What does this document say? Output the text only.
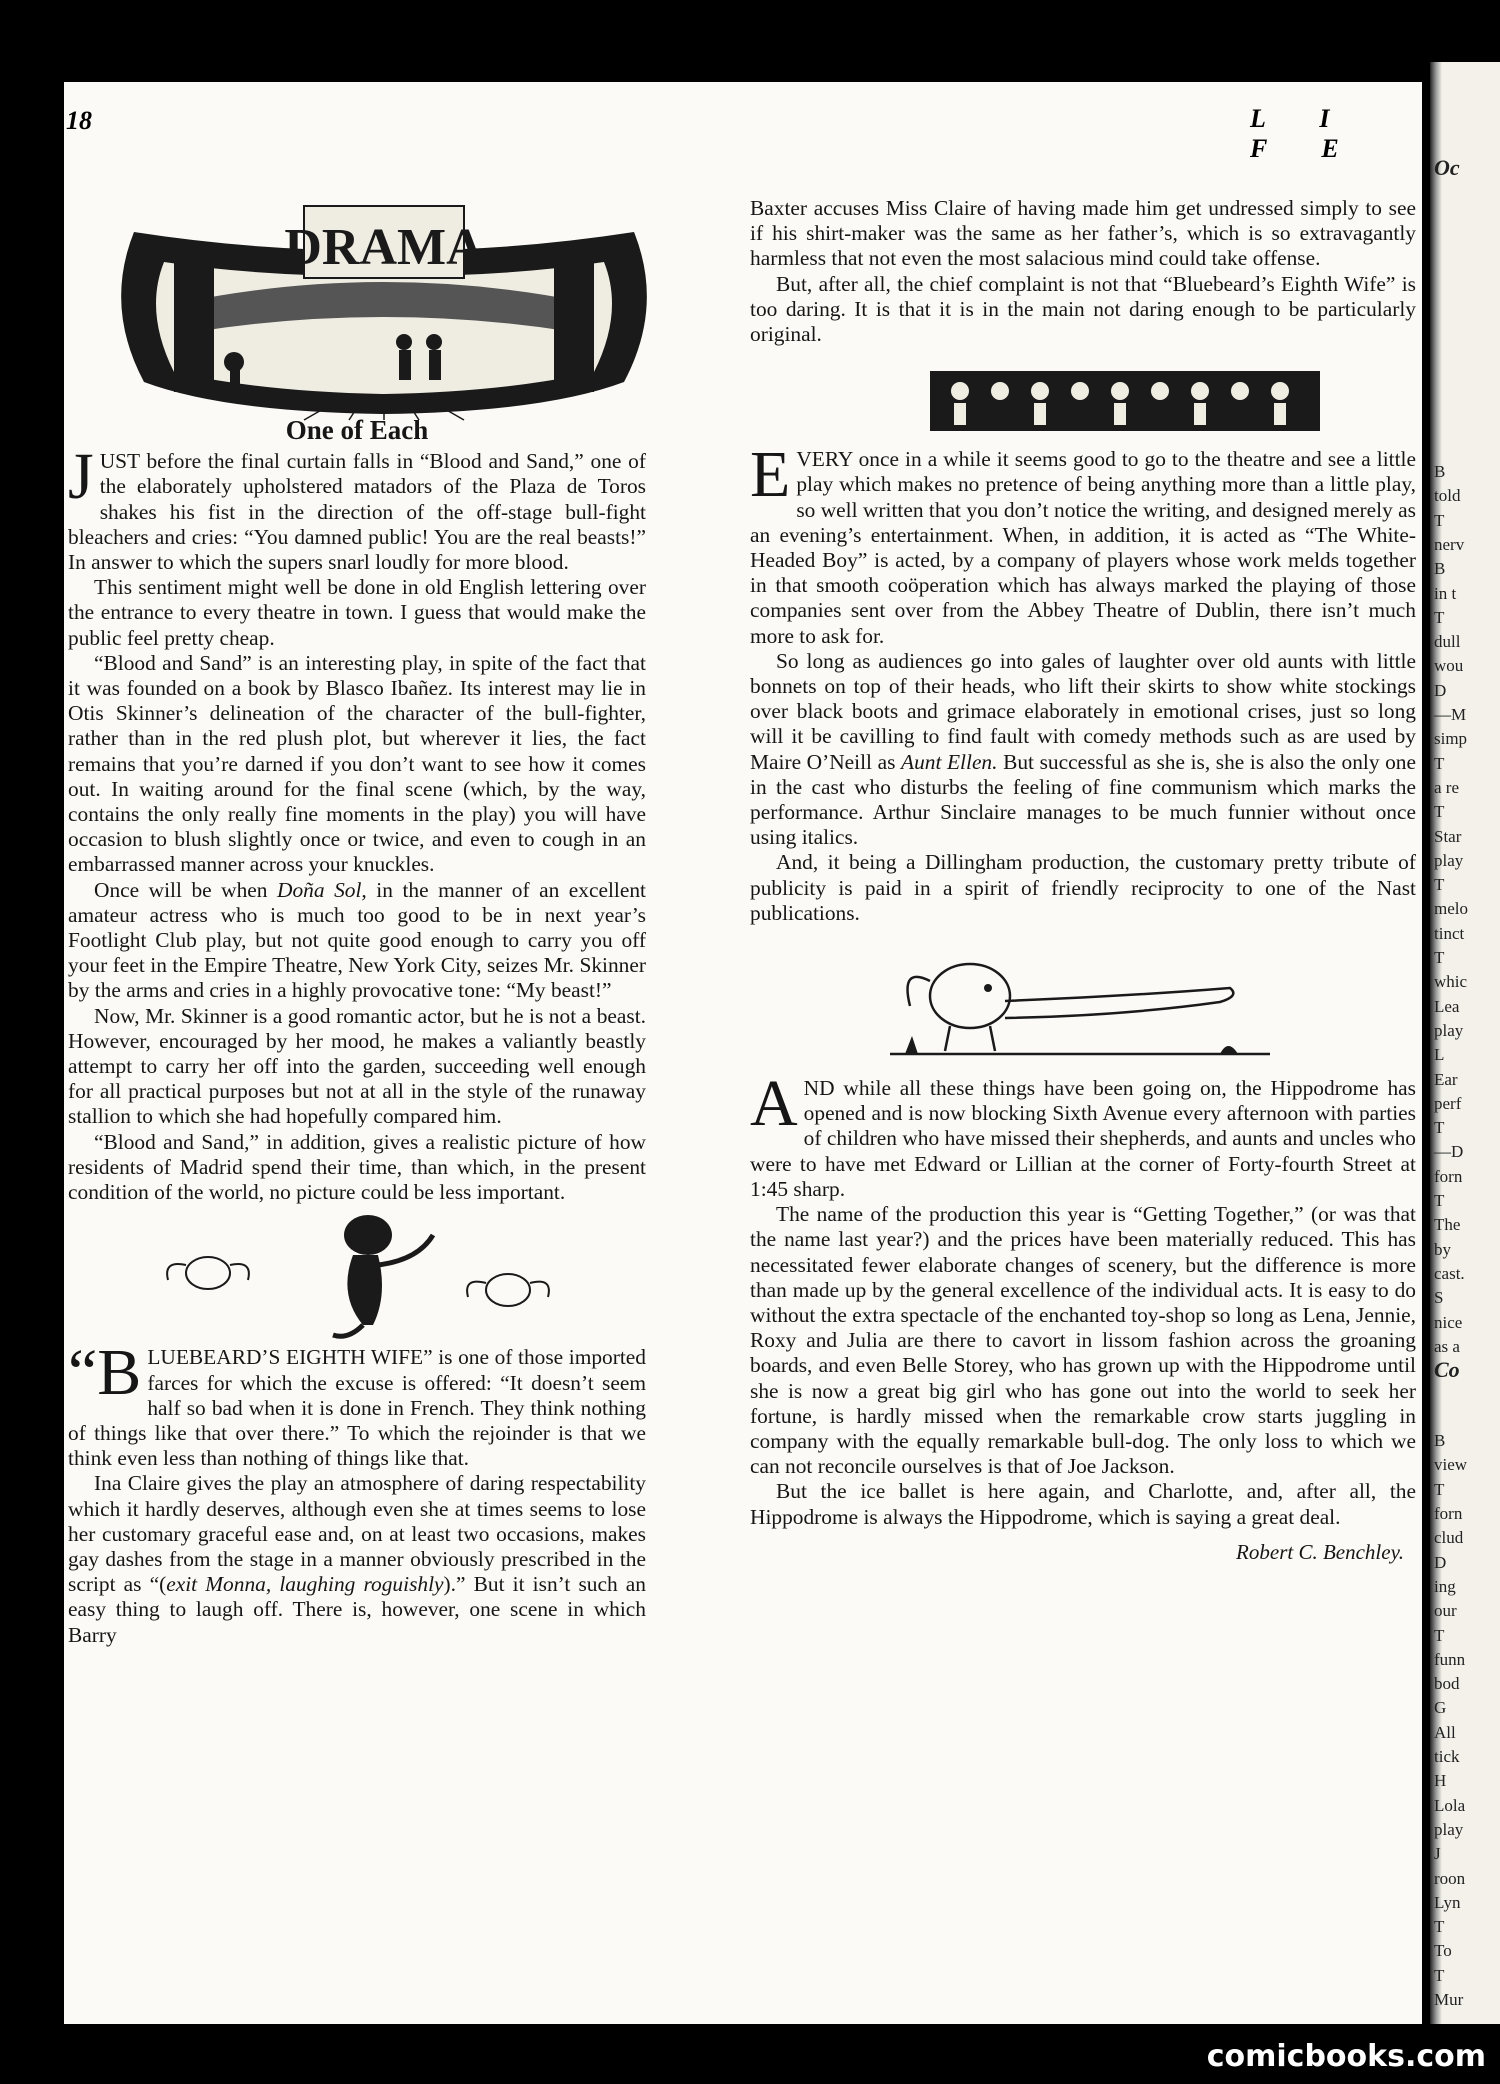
18	L I F E
DRAMA
One of Each

JUST before the final curtain falls in “Blood and Sand,” one of the elaborately upholstered matadors of the Plaza de Toros shakes his fist in the direction of the off-stage bull-fight bleachers and cries: “You damned public! You are the real beasts!” In answer to which the supers snarl loudly for more blood.

This sentiment might well be done in old English lettering over the entrance to every theatre in town. I guess that would make the public feel pretty cheap.

“Blood and Sand” is an interesting play, in spite of the fact that it was founded on a book by Blasco Ibañez. Its interest may lie in Otis Skinner’s delineation of the character of the bull-fighter, rather than in the red plush plot, but wherever it lies, the fact remains that you’re darned if you don’t want to see how it comes out. In waiting around for the final scene (which, by the way, contains the only really fine moments in the play) you will have occasion to blush slightly once or twice, and even to cough in an embarrassed manner across your knuckles.

Once will be when Doña Sol, in the manner of an excellent amateur actress who is much too good to be in next year’s Footlight Club play, but not quite good enough to carry you off your feet in the Empire Theatre, New York City, seizes Mr. Skinner by the arms and cries in a highly provocative tone: “My beast!”

Now, Mr. Skinner is a good romantic actor, but he is not a beast. However, encouraged by her mood, he makes a valiantly beastly attempt to carry her off into the garden, succeeding well enough for all practical purposes but not at all in the style of the runaway stallion to which she had hopefully compared him.

“Blood and Sand,” in addition, gives a realistic picture of how residents of Madrid spend their time, than which, in the present condition of the world, no picture could be less important.

“B LUEBEARD’S EIGHTH WIFE” is one of those imported farces for which the excuse is offered: “It doesn’t seem half so bad when it is done in French. They think nothing of things like that over there.” To which the rejoinder is that we think even less than nothing of things like that.

Ina Claire gives the play an atmosphere of daring respectability which it hardly deserves, although even she at times seems to lose her customary graceful ease and, on at least two occasions, makes gay dashes from the stage in a manner obviously prescribed in the script as “(exit Monna, laughing roguishly).” But it isn’t such an easy thing to laugh off. There is, however, one scene in which Barry

Baxter accuses Miss Claire of having made him get undressed simply to see if his shirt-maker was the same as her father’s, which is so extravagantly harmless that not even the most salacious mind could take offense.

But, after all, the chief complaint is not that “Bluebeard’s Eighth Wife” is too daring. It is that it is in the main not daring enough to be particularly original.

EVERY once in a while it seems good to go to the theatre and see a little play which makes no pretence of being anything more than a little play, so well written that you don’t notice the writing, and designed merely as an evening’s entertainment. When, in addition, it is acted as “The White-Headed Boy” is acted, by a company of players whose work melds together in that smooth coöperation which has always marked the playing of those companies sent over from the Abbey Theatre of Dublin, there isn’t much more to ask for.

So long as audiences go into gales of laughter over old aunts with little bonnets on top of their heads, who lift their skirts to show white stockings over black boots and grimace elaborately in emotional crises, just so long will it be cavilling to find fault with comedy methods such as are used by Maire O’Neill as Aunt Ellen. But successful as she is, she is also the only one in the cast who disturbs the feeling of fine communism which marks the performance. Arthur Sinclaire manages to be much funnier without once using italics.

And, it being a Dillingham production, the customary pretty tribute of publicity is paid in a spirit of friendly reciprocity to one of the Nast publications.

AND while all these things have been going on, the Hippodrome has opened and is now blocking Sixth Avenue every afternoon with parties of children who have missed their shepherds, and aunts and uncles who were to have met Edward or Lillian at the corner of Forty-fourth Street at 1:45 sharp.

The name of the production this year is “Getting Together,” (or was that the name last year?) and the prices have been materially reduced. This has necessitated fewer elaborate changes of scenery, but the difference is more than made up by the general excellence of the individual acts. It is easy to do without the extra spectacle of the enchanted toy-shop so long as Lena, Jennie, Roxy and Julia are there to cavort in lissom fashion across the groaning boards, and even Belle Storey, who has grown up with the Hippodrome until she is now a great big girl who has gone out into the world to seek her fortune, is hardly missed when the remarkable crow starts juggling in company with the equally remarkable bull-dog. The only loss to which we can not reconcile ourselves is that of Joe Jackson.

But the ice ballet is here again, and Charlotte, and, after all, the Hippodrome is always the Hippodrome, which is saying a great deal.

Robert C. Benchley.
Oc
B
told
T
nerv
B
in t
T
dull
wou
D
—M
simp
T
a re
T
Star
play
T
melo
tinct
T
whic
Lea
play
L
Ear
perf
T
—D
forn
T
The
by
cast.
S
nice
as a
B
view
T
forn
clud
D
ing
our
T
funn
bod
G
All
tick
H
Lola
play
J
roon
Lyn
T
To
T
Mur
Co
comicbooks.com
